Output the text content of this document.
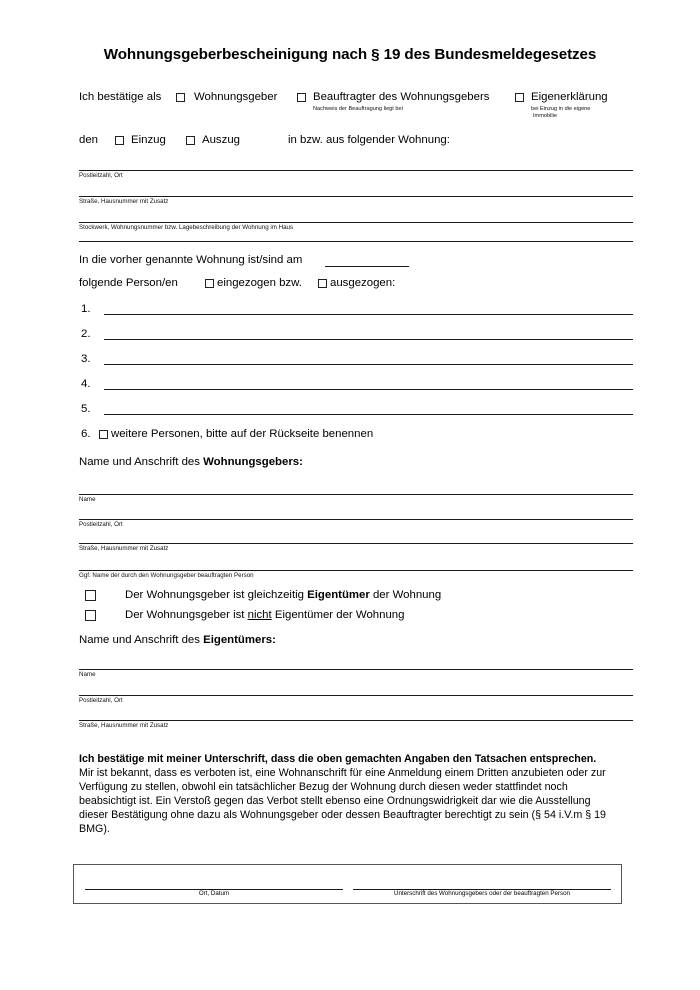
Wohnungsgeberbescheinigung nach § 19 des Bundesmeldegesetzes
Ich bestätige als	Wohnungsgeber	Beauftragter des Wohnungsgebers
Nachweis der Beauftragung liegt bei
Eigenerklärung
bei Einzug in die eigene
Immobilie
den	Einzug	Auszug	in bzw. aus folgender Wohnung:
Postleitzahl, Ort
Straße, Hausnummer mit Zusatz
Stockwerk, Wohnungsnummer bzw. Lagebeschreibung der Wohnung im Haus
In die vorher genannte Wohnung ist/sind am
folgende Person/en	eingezogen bzw. ausgezogen:
1.
2.
3.
4.
5.
6. weitere Personen, bitte auf der Rückseite benennen
Name und Anschrift des Wohnungsgebers:
Name
Postleitzahl, Ort
Straße, Hausnummer mit Zusatz
Ggf. Name der durch den Wohnungsgeber beauftragten Person
Der Wohnungsgeber ist gleichzeitig Eigentümer der Wohnung
Der Wohnungsgeber ist nicht Eigentümer der Wohnung
Name und Anschrift des Eigentümers:
Name
Postleitzahl, Ort
Straße, Hausnummer mit Zusatz
Ich bestätige mit meiner Unterschrift, dass die oben gemachten Angaben den Tatsachen entsprechen. Mir ist bekannt, dass es verboten ist, eine Wohnanschrift für eine Anmeldung einem Dritten anzubieten oder zur Verfügung zu stellen, obwohl ein tatsächlicher Bezug der Wohnung durch diesen weder stattfindet noch beabsichtigt ist. Ein Verstoß gegen das Verbot stellt ebenso eine Ordnungswidrigkeit dar wie die Ausstellung dieser Bestätigung ohne dazu als Wohnungsgeber oder dessen Beauftragter berechtigt zu sein (§ 54 i.V.m § 19 BMG).
Ort, Datum	Unterschrift des Wohnungsgebers oder der beauftragten Person
